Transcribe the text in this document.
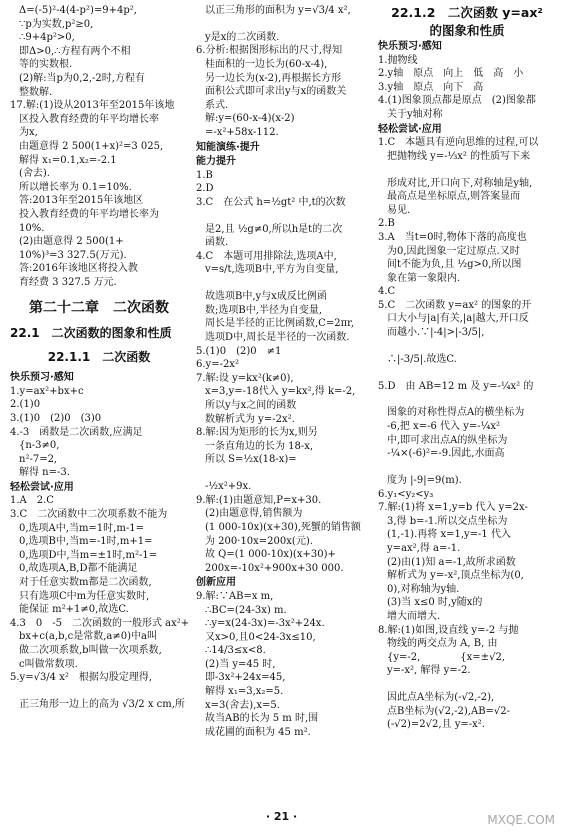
Δ=(-5)²-4(4-p²)=9+4p²,
∵p为实数,p²≥0,
∴9+4p²>0,
即Δ>0,∴方程有两个不相
等的实数根.
(2)解:当p为0,2,-2时,方程有
整数解.
17.解:(1)设从2013年至2015年该地
区投入教育经费的年平均增长率
为x,
由题意得 2 500(1+x)²=3 025,
解得 x₁=0.1,x₂=-2.1
(舍去).
所以增长率为 0.1=10%.
答:2013年至2015年该地区
投入教育经费的年平均增长率为
10%.
(2)由题意得 2 500(1+
10%)³=3 327.5(万元).
答:2016年该地区将投入教
育经费 3 327.5 万元.
第二十二章　二次函数
22.1　二次函数的图象和性质
22.1.1　二次函数
快乐预习·感知
1.y=ax²+bx+c
2.(1)0
3.(1)0　(2)0　(3)0
4.-3　函数是二次函数,应满足
{n-3≠0,
n²-7=2,
解得 n=-3.
轻松尝试·应用
1.A　2.C
3.C　二次函数中二次项系数不能为
0,选项A中,当m=1时,m-1=
0,选项B中,当m=-1时,m+1=
0,选项D中,当m=±1时,m²-1=
0,故选项A,B,D都不能满足
对于任意实数m都是二次函数,
只有选项C中m为任意实数时,
能保证 m²+1≠0,故选C.
4.3　0　-5　二次函数的一般形式 ax²+
bx+c(a,b,c是常数,a≠0)中a叫
做二次项系数,b叫做一次项系数,
c叫做常数项.
5.y=√3/4 x²　根据勾股定理得,
正三角形一边上的高为 √3/2 x cm,所
以正三角形的面积为 y=√3/4 x²,
y是x的二次函数.
6.分析:根据图形标出的尺寸,得知
桂面积的一边长为(60-x-4),
另一边长为(x-2),再根据长方形
面积公式即可求出y与x的函数关
系式.
解:y=(60-x-4)(x-2)
=-x²+58x-112.
知能演练·提升
能力提升
1.B
2.D
3.C　在公式 h=½gt² 中,t的次数
是2,且 ½g≠0,所以h是t的二次
函数.
4.C　本题可用排除法,选项A中,
v=s/t,选项B中,平方为自变量,
故选项B中,y与x成反比例函
数;选项B中,半径为自变量,
周长是半径的正比例函数,C=2πr,
选项D中,周长是半径的一次函数.
5.(1)0　(2)0　≠1
6.y=-2x²
7.解:设 y=kx²(k≠0),
x=3,y=-18代入 y=kx²,得 k=-2,
所以y与x之间的函数
数解析式为 y=-2x².
8.解:因为矩形的长为x,则另
一条直角边的长为 18-x,
所以 S=½x(18-x)=
-½x²+9x.
9.解:(1)由题意知,P=x+30.
(2)由题意得,销售额为
(1 000-10x)(x+30),死蟹的销售额
为 200·10x=200x(元).
故 Q=(1 000-10x)(x+30)+
200x=-10x²+900x+30 000.
创新应用
9.解:∵AB=x m,
∴BC=(24-3x) m.
∴y=x(24-3x)=-3x²+24x.
又x>0,且0<24-3x≤10,
∴14/3≤x<8.
(2)当 y=45 时,
即-3x²+24x=45,
解得 x₁=3,x₂=5.
x=3(舍去),x=5.
故当AB的长为 5 m 时,围
成花圃的面积为 45 m².
22.1.2　二次函数 y=ax²
的图象和性质
快乐预习·感知
1.抛物线
2.y轴　原点　向上　低　高　小
3.y轴　原点　向下　高
4.(1)图象顶点都是原点　(2)图象都
关于y轴对称
轻松尝试·应用
1.C　本题具有逆向思维的过程,可以
把抛物线 y=-⅓x² 的性质写下来
形成对比,开口向下,对称轴是y轴,
最高点是坐标原点,则答案显而
易见.
2.B
3.A　当t=0时,物体下落的高度也
为0,因此图象一定过原点.又时
间t不能为负,且 ½g>0,所以图
象在第一象限内.
4.C
5.C　二次函数 y=ax² 的图象的开
口大小与|a|有关,|a|越大,开口反
而越小.∵|-4|>|-3/5|,
∴|-3/5|.故选C.
5.D　由 AB=12 m 及 y=-¼x² 的
图象的对称性得点A的横坐标为
-6,把 x=-6 代入 y=-¼x²
中,即可求出点A的纵坐标为
-¼×(-6)²=-9.因此,水面高
度为 |-9|=9(m).
6.y₁<y₂<y₃
7.解:(1)将 x=1,y=b 代入 y=2x-
3,得 b=-1.所以交点坐标为
(1,-1).再将 x=1,y=-1 代入
y=ax²,得 a=-1.
(2)由(1)知 a=-1,故所求函数
解析式为 y=-x²,顶点坐标为(0,
0),对称轴为y轴.
(3)当 x≤0 时,y随x的
增大而增大.
8.解:(1)如图,设直线 y=-2 与抛
物线的两交点为 A, B, 由
{y=-2,　　　　{x=±√2,
y=-x², 解得 y=-2.
因此点A坐标为(-√2,-2),
点B坐标为(√2,-2),AB=√2-
(-√2)=2√2,且 y=-x².
· 21 ·	MXQE.COM
